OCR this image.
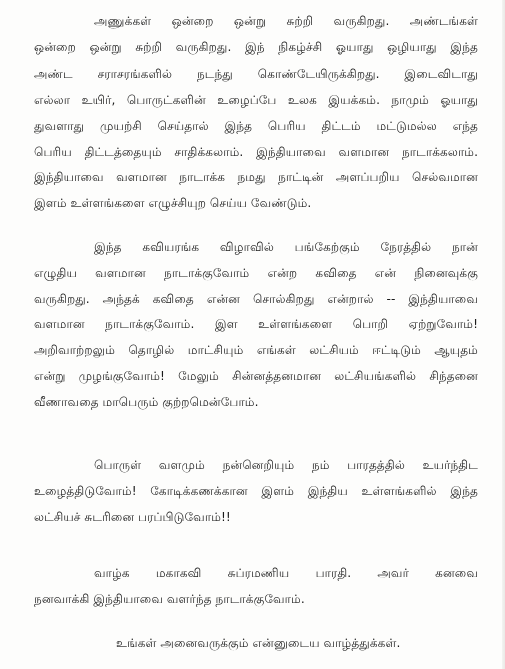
அணுக்கள் ஒன்றை ஒன்று சுற்றி வருகிறது. அண்டங்கள்
ஒன்றை ஒன்று சுற்றி வருகிறது. இந் நிகழ்ச்சி ஓயாது ஒழியாது இந்த
அண்ட சராசரங்களில் நடந்து கொண்டேயிருக்கிறது. இடைவிடாது
எல்லா உயிர், பொருட்களின் உழைப்பே உலக இயக்கம். நாமும் ஓயாது
துவளாது முயற்சி செய்தால் இந்த பெரிய திட்டம் மட்டுமல்ல எந்த
பெரிய திட்டத்தையும் சாதிக்கலாம். இந்தியாவை வளமான நாடாக்கலாம்.
இந்தியாவை வளமான நாடாக்க நமது நாட்டின் அளப்பறிய செல்வமான
இளம் உள்ளங்களை எழுச்சியுற செய்ய வேண்டும்.
இந்த கவியரங்க விழாவில் பங்கேற்கும் நேரத்தில் நான்
எழுதிய வளமான நாடாக்குவோம் என்ற கவிதை என் நினைவுக்கு
வருகிறது. அந்தக் கவிதை என்ன சொல்கிறது என்றால் -- இந்தியாவை
வளமான நாடாக்குவோம். இள உள்ளங்களை பொறி ஏற்றுவோம்!
அறிவாற்றலும் தொழில் மாட்சியும் எங்கள் லட்சியம் ஈட்டிடும் ஆயுதம்
என்று முழங்குவோம்! மேலும் சின்னத்தனமான லட்சியங்களில் சிந்தனை
வீணாவதை மாபெரும் குற்றமென்போம்.
பொருள் வளமும் நன்னெறியும் நம் பாரதத்தில் உயர்ந்திட
உழைத்திடுவோம்! கோடிக்கணக்கான இளம் இந்திய உள்ளங்களில் இந்த
லட்சியச் சுடரினை பரப்பிடுவோம்!!
வாழ்க மகாகவி சுப்ரமணிய பாரதி. அவர் கனவை
நனவாக்கி இந்தியாவை வளர்ந்த நாடாக்குவோம்.
உங்கள் அனைவருக்கும் என்னுடைய வாழ்த்துக்கள்.
